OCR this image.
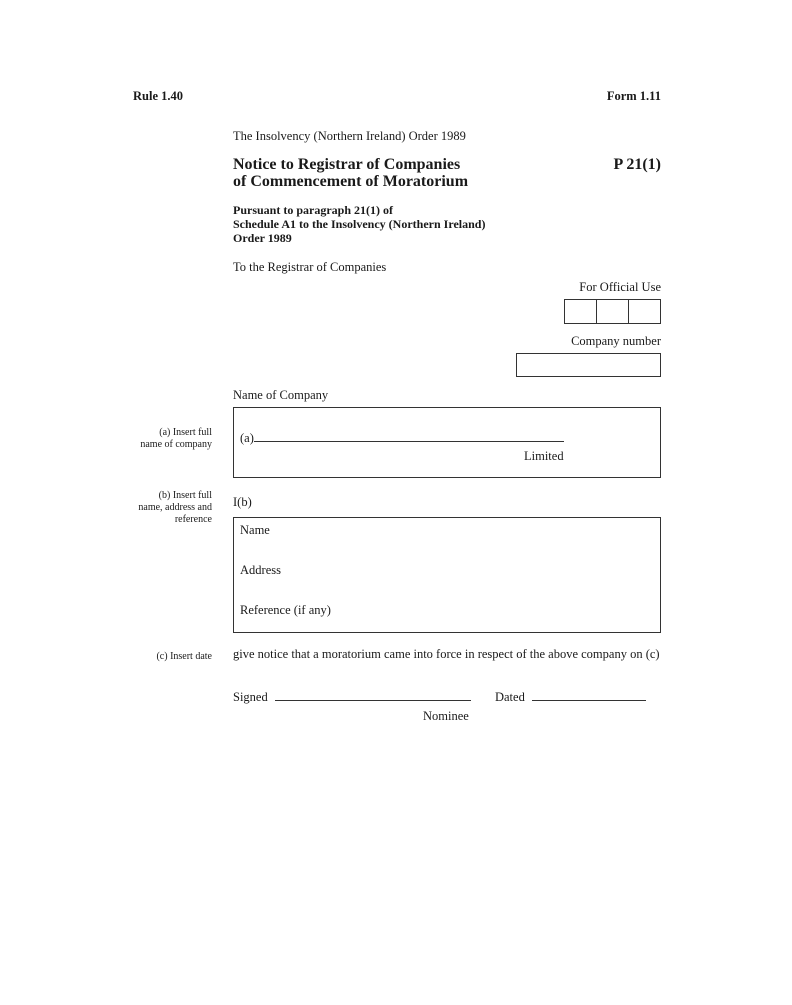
Rule 1.40	Form 1.11
The Insolvency (Northern Ireland) Order 1989
Notice to Registrar of Companies
of Commencement of Moratorium
P 21(1)
Pursuant to paragraph 21(1) of
Schedule A1 to the Insolvency (Northern Ireland)
Order 1989
To the Registrar of Companies
For Official Use
Company number
Name of Company
(a) Insert full
name of company (a)
Limited
(b) Insert full
name, address and
reference
I(b)
Name
Address
Reference (if any)
(c) Insert date give notice that a moratorium came into force in respect of the above company on (c)
Signed	Dated
Nominee
